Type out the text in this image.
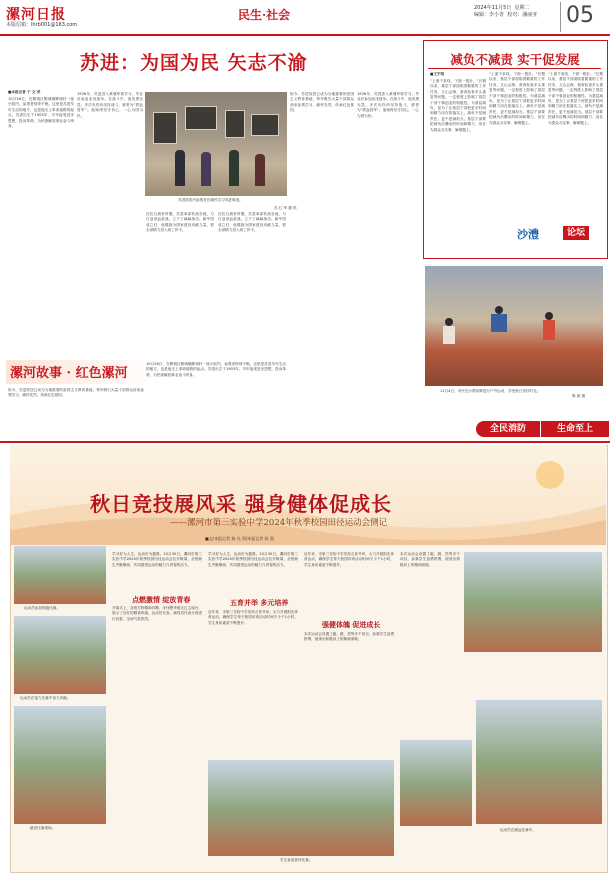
漯河日报
本版信箱：lhrb001@163.com
民生·社会	2024年11月5日 星期二
编辑：李小青 校对：潘丽亚 05
苏进：为国为民 矢志不渝
■本报记者 于 文 洋
10月26日，在郾城区郾城镇郾城村一座小院内，参观者络绎不绝。这里是苏进早年生活的地方，也是他走上革命道路的起点。苏进出生于1903年，早年接受进步思想，投身革命，为民族解放事业奋斗终身。
1926年，苏进进入黄埔军校学习，毕业后参加北伐战争。在战斗中，他英勇无畏，多次负伤仍坚持战斗，被誉为“铁血将军”。他始终坚守初心，一心为国为民。
苏进故居内参观者在缅怀学习苏进事迹。
苏 红 军 摄 供
在抗日战争时期，苏进率部转战各地，与日寇浴血奋战，立下了赫赫战功。新中国成立后，他继续为国家建设贡献力量，把全部精力投入到工作中。
在抗日战争时期，苏进率部转战各地，与日寇浴血奋战，立下了赫赫战功。新中国成立后，他继续为国家建设贡献力量，把全部精力投入到工作中。
如今，苏进故居已成为当地重要的爱国主义教育基地，每年吸引大量干部群众前来参观学习，缅怀先烈，传承红色基因。
1926年，苏进进入黄埔军校学习，毕业后参加北伐战争。在战斗中，他英勇无畏，多次负伤仍坚持战斗，被誉为“铁血将军”。他始终坚守初心，一心为国为民。
漯河故事 · 红色漯河
10月26日，在郾城区郾城镇郾城村一座小院内，参观者络绎不绝。这里是苏进早年生活的地方，也是他走上革命道路的起点。苏进出生于1903年，早年接受进步思想，投身革命，为民族解放事业奋斗终身。
如今，苏进故居已成为当地重要的爱国主义教育基地，每年吸引大量干部群众前来参观学习，缅怀先烈，传承红色基因。
减负不减责 实干促发展
■王宇明
“上面千条线，下面一根针。”长期以来，基层干部面临着繁重的工作任务，文山会海、督查检查多头重复等问题，一定程度上影响了基层干部干事创业的积极性。为基层减负，是为了让基层干部把更多时间和精力用在抓落实上。减负不是减责任，更不是减担当。基层干部要把减负后腾出的时间和精力，用在为群众办实事、解难题上。
“上面千条线，下面一根针。”长期以来，基层干部面临着繁重的工作任务，文山会海、督查检查多头重复等问题，一定程度上影响了基层干部干事创业的积极性。为基层减负，是为了让基层干部把更多时间和精力用在抓落实上。减负不是减责任，更不是减担当。基层干部要把减负后腾出的时间和精力，用在为群众办实事、解难题上。
“上面千条线，下面一根针。”长期以来，基层干部面临着繁重的工作任务，文山会海、督查检查多头重复等问题，一定程度上影响了基层干部干事创业的积极性。为基层减负，是为了让基层干部把更多时间和精力用在抓落实上。减负不是减责任，更不是减担当。基层干部要把减负后腾出的时间和精力，用在为群众办实事、解难题上。
沙澧	论坛
11月4日，市民在沙澧河畔进行户外运动，享受秋日美好时光。
陈 润 摄
全民消防	生命至上
秋日竞技展风采 强身健体促成长
——漯河市第三实验中学2024年秋季校园田径运动会侧记
■文/本报记者 杨 光 图/本报记者 陈 润
学习好为人生，运动好为健康。10月30日，漯河市第三实验中学2024年秋季校园田径运动会拉开帷幕，全校师生齐聚操场，共同感受运动的魅力与青春的活力。
点燃激情 绽放青春
开幕式上，各班方阵精神抖擞、步伐整齐地走过主席台，展示了良好的精神风貌。运动员代表、裁判员代表分别进行宣誓，全场气氛热烈。
学习好为人生，运动好为健康。10月30日，漯河市第三实验中学2024年秋季校园田径运动会拉开帷幕，全校师生齐聚操场，共同感受运动的魅力与青春的活力。
五育并举 多元培养
近年来，市第三实验中学坚持五育并举，大力开展阳光体育运动，确保学生每天校园体育活动时间不少于1小时，学生身体素质不断提升。
近年来，市第三实验中学坚持五育并举，大力开展阳光体育运动，确保学生每天校园体育活动时间不少于1小时，学生身体素质不断提升。
强健体魄 促进成长
本次运动会设置了跑、跳、投等多个项目，参赛学生奋勇拼搏，展现出积极向上的精神面貌。
本次运动会设置了跑、跳、投等多个项目，参赛学生奋勇拼搏，展现出积极向上的精神面貌。
运动员参加短跑比赛。
运动员在接力比赛中奋力奔跑。
跳高比赛现场。
学生参加拔河比赛。
运动员在跳远比赛中。
